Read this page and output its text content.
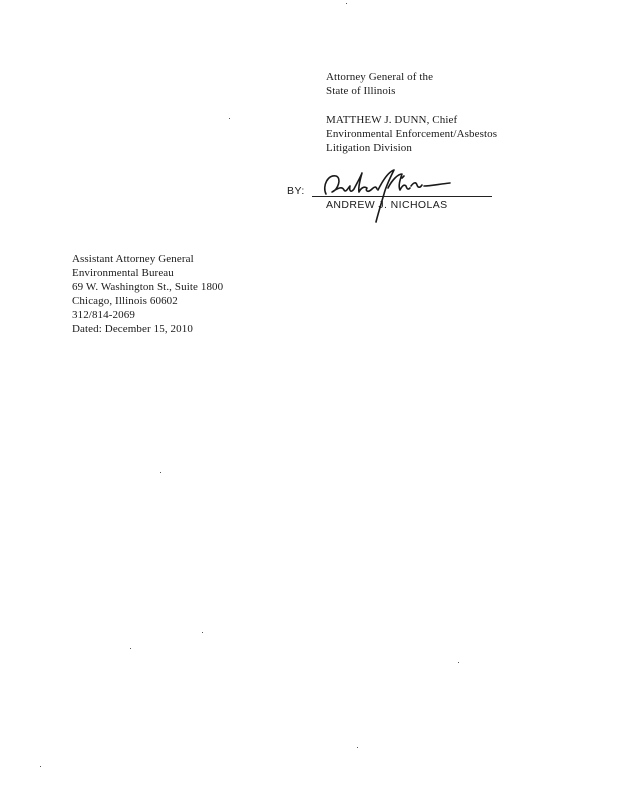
Attorney General of the
State of Illinois
MATTHEW J. DUNN, Chief
Environmental Enforcement/Asbestos
Litigation Division
BY:
ANDREW J. NICHOLAS
Assistant Attorney General
Environmental Bureau
69 W. Washington St., Suite 1800
Chicago, Illinois 60602
312/814-2069
Dated: December 15, 2010
